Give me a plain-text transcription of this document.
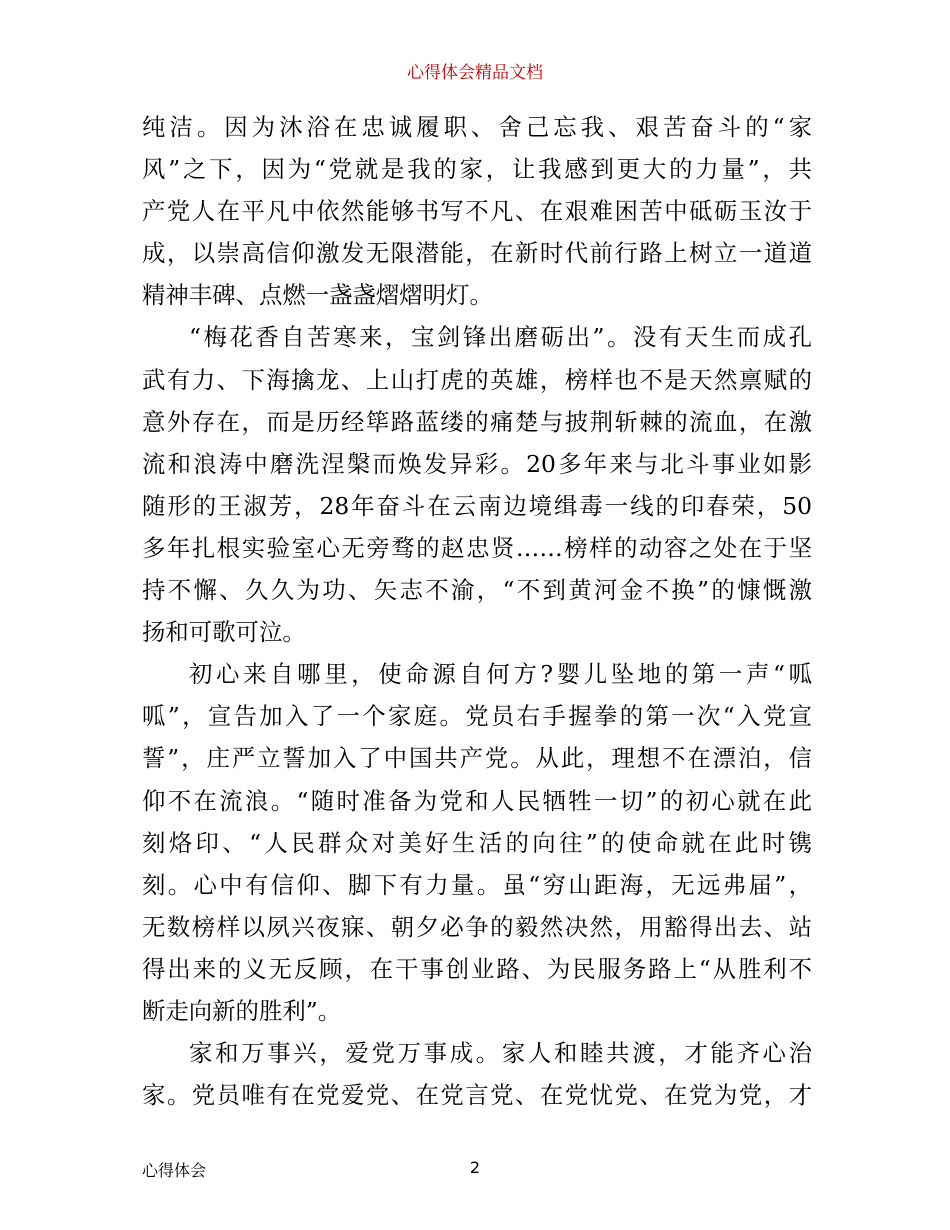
心得体会精品文档
纯洁。因为沐浴在忠诚履职、舍己忘我、艰苦奋斗的“家
风”之下，因为“党就是我的家，让我感到更大的力量”，共
产党人在平凡中依然能够书写不凡、在艰难困苦中砥砺玉汝于
成，以崇高信仰激发无限潜能，在新时代前行路上树立一道道
精神丰碑、点燃一盏盏熠熠明灯。
“梅花香自苦寒来，宝剑锋出磨砺出”。没有天生而成孔
武有力、下海擒龙、上山打虎的英雄，榜样也不是天然禀赋的
意外存在，而是历经筚路蓝缕的痛楚与披荆斩棘的流血，在激
流和浪涛中磨洗涅槃而焕发异彩。20多年来与北斗事业如影
随形的王淑芳，28年奋斗在云南边境缉毒一线的印春荣，50
多年扎根实验室心无旁骛的赵忠贤……榜样的动容之处在于坚
持不懈、久久为功、矢志不渝，“不到黄河金不换”的慷慨激
扬和可歌可泣。
初心来自哪里，使命源自何方?婴儿坠地的第一声“呱
呱”，宣告加入了一个家庭。党员右手握拳的第一次“入党宣
誓”，庄严立誓加入了中国共产党。从此，理想不在漂泊，信
仰不在流浪。“随时准备为党和人民牺牲一切”的初心就在此
刻烙印、“人民群众对美好生活的向往”的使命就在此时镌
刻。心中有信仰、脚下有力量。虽“穷山距海，无远弗届”，
无数榜样以夙兴夜寐、朝夕必争的毅然决然，用豁得出去、站
得出来的义无反顾，在干事创业路、为民服务路上“从胜利不
断走向新的胜利”。
家和万事兴，爱党万事成。家人和睦共渡，才能齐心治
家。党员唯有在党爱党、在党言党、在党忧党、在党为党，才
心得体会	2
